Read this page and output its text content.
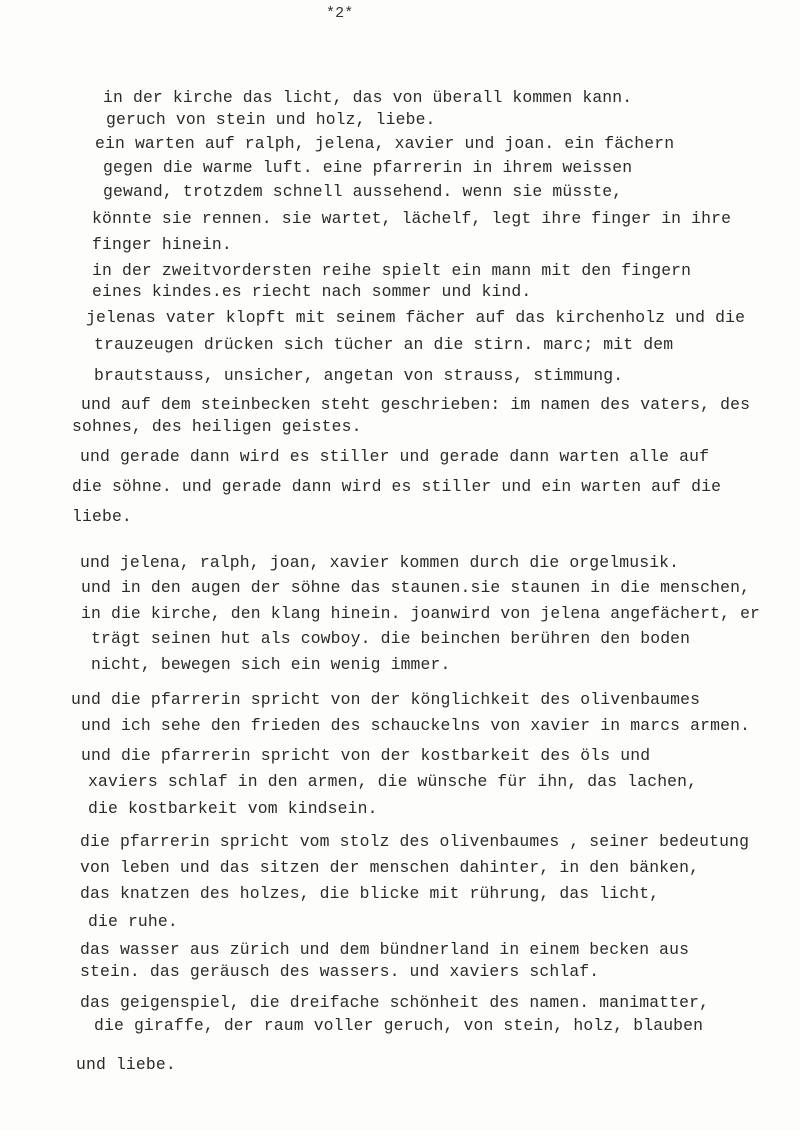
*2*
in der kirche das licht, das von überall kommen kann.
geruch von stein und holz, liebe.
ein warten auf ralph, jelena, xavier und joan. ein fächern
gegen die warme luft. eine pfarrerin in ihrem weissen
gewand, trotzdem schnell aussehend. wenn sie müsste,
könnte sie rennen. sie wartet, lächelf, legt ihre finger in ihre
finger hinein.
in der zweitvordersten reihe spielt ein mann mit den fingern
eines kindes.es riecht nach sommer und kind.
jelenas vater klopft mit seinem fächer auf das kirchenholz und die
trauzeugen drücken sich tücher an die stirn. marc; mit dem
brautstauss, unsicher, angetan von strauss, stimmung.
und auf dem steinbecken steht geschrieben: im namen des vaters, des
sohnes, des heiligen geistes.
und gerade dann wird es stiller und gerade dann warten alle auf
die söhne. und gerade dann wird es stiller und ein warten auf die
liebe.
und jelena, ralph, joan, xavier kommen durch die orgelmusik.
und in den augen der söhne das staunen.sie staunen in die menschen,
in die kirche, den klang hinein. joanwird von jelena angefächert, er
trägt seinen hut als cowboy. die beinchen berühren den boden
nicht, bewegen sich ein wenig immer.
und die pfarrerin spricht von der könglichkeit des olivenbaumes
und ich sehe den frieden des schauckelns von xavier in marcs armen.
und die pfarrerin spricht von der kostbarkeit des öls und
xaviers schlaf in den armen, die wünsche für ihn, das lachen,
die kostbarkeit vom kindsein.
die pfarrerin spricht vom stolz des olivenbaumes , seiner bedeutung
von leben und das sitzen der menschen dahinter, in den bänken,
das knatzen des holzes, die blicke mit rührung, das licht,
die ruhe.
das wasser aus zürich und dem bündnerland in einem becken aus
stein. das geräusch des wassers. und xaviers schlaf.
das geigenspiel, die dreifache schönheit des namen. manimatter,
die giraffe, der raum voller geruch, von stein, holz, blauben
und liebe.
